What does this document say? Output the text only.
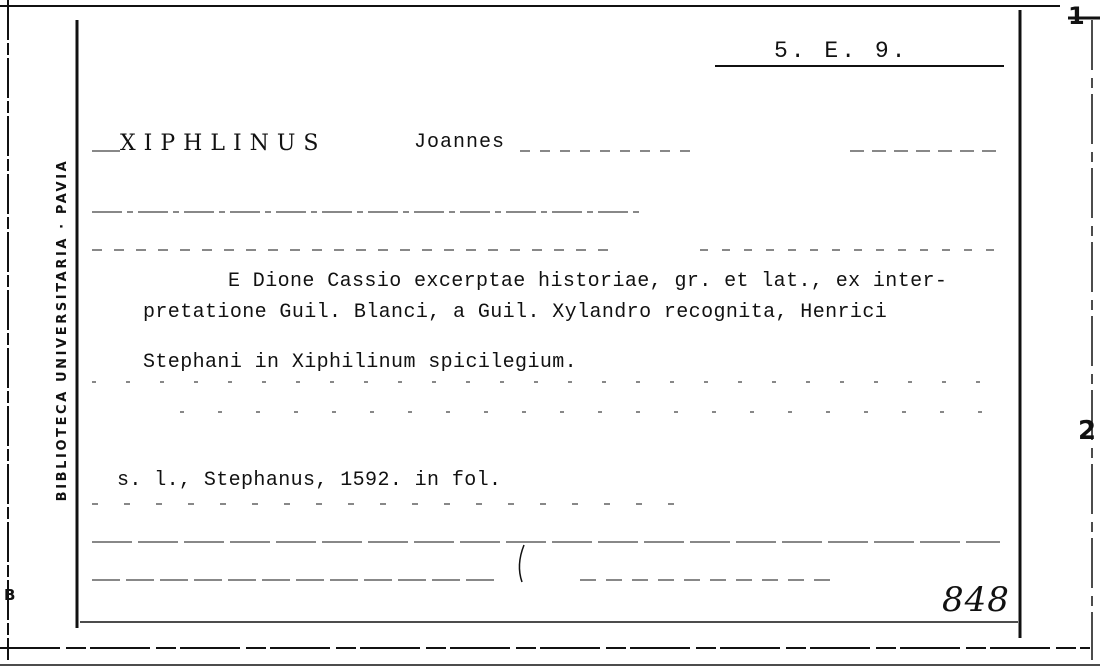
5. E. 9.
XIPHLINUS	Joannes
E Dione Cassio excerptae historiae, gr. et lat., ex inter-
pretatione Guil. Blanci, a Guil. Xylandro recognita, Henrici
Stephani in Xiphilinum spicilegium.
s. l., Stephanus, 1592. in fol.
BIBLIOTECA UNIVERSITARIA · PAVIA
1
B
2
848
